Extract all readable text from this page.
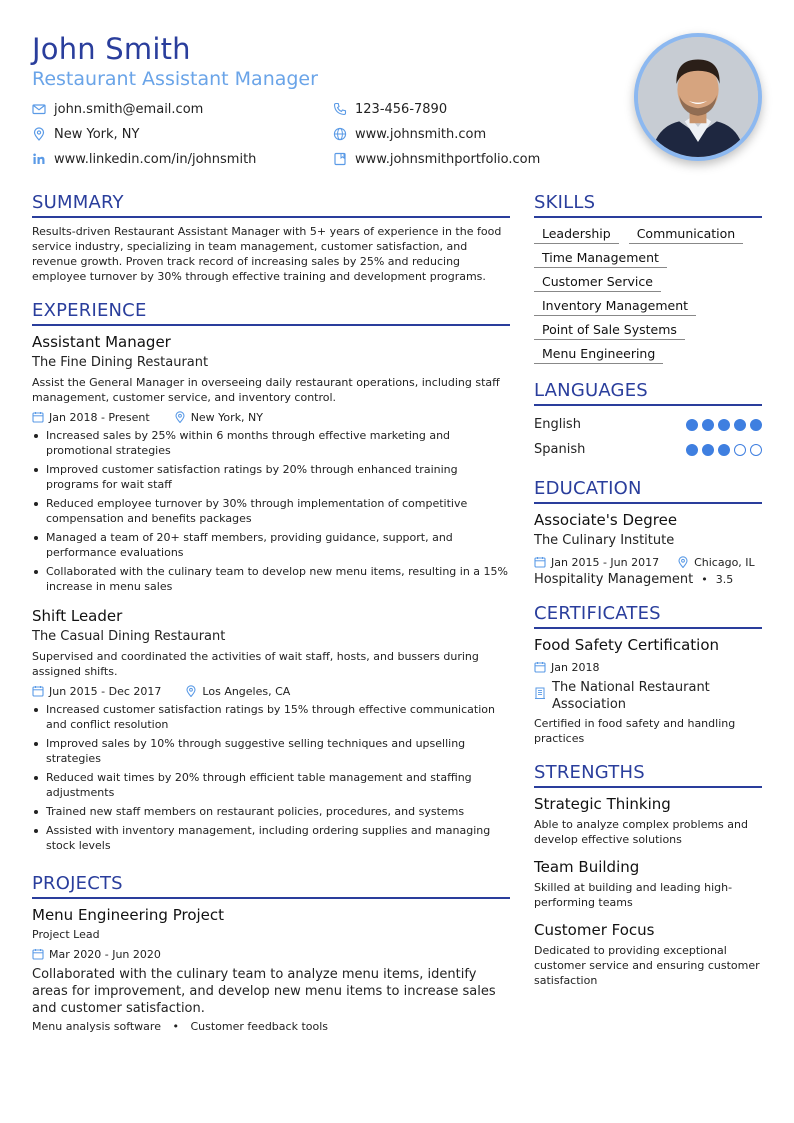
John Smith
Restaurant Assistant Manager
john.smith@email.com	123-456-7890
New York, NY	www.johnsmith.com
www.linkedin.com/in/johnsmith	www.johnsmithportfolio.com
SUMMARY
Results-driven Restaurant Assistant Manager with 5+ years of experience in the food service industry, specializing in team management, customer satisfaction, and revenue growth. Proven track record of increasing sales by 25% and reducing employee turnover by 30% through effective training and development programs.
EXPERIENCE
Assistant Manager
The Fine Dining Restaurant
Assist the General Manager in overseeing daily restaurant operations, including staff management, customer service, and inventory control.
Jan 2018 - Present	New York, NY
Increased sales by 25% within 6 months through effective marketing and promotional strategies
Improved customer satisfaction ratings by 20% through enhanced training programs for wait staff
Reduced employee turnover by 30% through implementation of competitive compensation and benefits packages
Managed a team of 20+ staff members, providing guidance, support, and performance evaluations
Collaborated with the culinary team to develop new menu items, resulting in a 15% increase in menu sales
Shift Leader
The Casual Dining Restaurant
Supervised and coordinated the activities of wait staff, hosts, and bussers during assigned shifts.
Jun 2015 - Dec 2017	Los Angeles, CA
Increased customer satisfaction ratings by 15% through effective communication and conflict resolution
Improved sales by 10% through suggestive selling techniques and upselling strategies
Reduced wait times by 20% through efficient table management and staffing adjustments
Trained new staff members on restaurant policies, procedures, and systems
Assisted with inventory management, including ordering supplies and managing stock levels
PROJECTS
Menu Engineering Project
Project Lead
Mar 2020 - Jun 2020
Collaborated with the culinary team to analyze menu items, identify areas for improvement, and develop new menu items to increase sales and customer satisfaction.
Menu analysis software • Customer feedback tools
SKILLS
Leadership	Communication
Time Management
Customer Service
Inventory Management
Point of Sale Systems
Menu Engineering
LANGUAGES
English
Spanish
EDUCATION
Associate's Degree
The Culinary Institute
Jan 2015 - Jun 2017	Chicago, IL
Hospitality Management • 3.5
CERTIFICATES
Food Safety Certification
Jan 2018
The National Restaurant Association
Certified in food safety and handling practices
STRENGTHS
Strategic Thinking
Able to analyze complex problems and develop effective solutions
Team Building
Skilled at building and leading high-performing teams
Customer Focus
Dedicated to providing exceptional customer service and ensuring customer satisfaction
